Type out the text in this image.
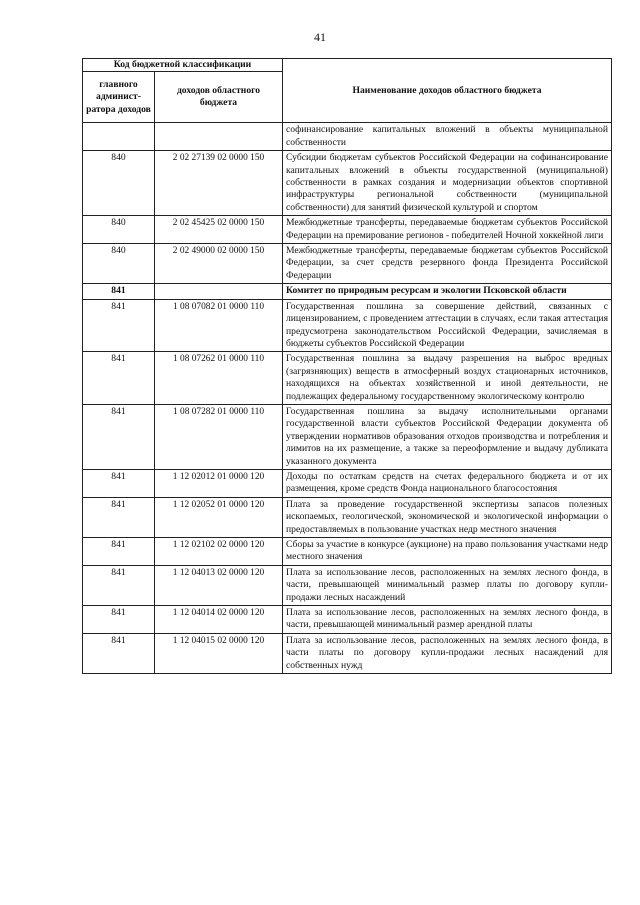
41
Код бюджетной классификации		Наименование доходов областного бюджета
главного админист-ратора доходов	доходов областного бюджета	
		софинансирование капитальных вложений в объекты муниципальной собственности
840	2 02 27139 02 0000 150	Субсидии бюджетам субъектов Российской Федерации на софинансирование капитальных вложений в объекты государственной (муниципальной) собственности в рамках создания и модернизации объектов спортивной инфраструктуры региональной собственности (муниципальной собственности) для занятий физической культурой и спортом
840	2 02 45425 02 0000 150	Межбюджетные трансферты, передаваемые бюджетам субъектов Российской Федерации на премирование регионов - победителей Ночной хоккейной лиги
840	2 02 49000 02 0000 150	Межбюджетные трансферты, передаваемые бюджетам субъектов Российской Федерации, за счет средств резервного фонда Президента Российской Федерации
841		Комитет по природным ресурсам и экологии Псковской области
841	1 08 07082 01 0000 110	Государственная пошлина за совершение действий, связанных с лицензированием, с проведением аттестации в случаях, если такая аттестация предусмотрена законодательством Российской Федерации, зачисляемая в бюджеты субъектов Российской Федерации
841	1 08 07262 01 0000 110	Государственная пошлина за выдачу разрешения на выброс вредных (загрязняющих) веществ в атмосферный воздух стационарных источников, находящихся на объектах хозяйственной и иной деятельности, не подлежащих федеральному государственному экологическому контролю
841	1 08 07282 01 0000 110	Государственная пошлина за выдачу исполнительными органами государственной власти субъектов Российской Федерации документа об утверждении нормативов образования отходов производства и потребления и лимитов на их размещение, а также за переоформление и выдачу дубликата указанного документа
841	1 12 02012 01 0000 120	Доходы по остаткам средств на счетах федерального бюджета и от их размещения, кроме средств Фонда национального благосостояния
841	1 12 02052 01 0000 120	Плата за проведение государственной экспертизы запасов полезных ископаемых, геологической, экономической и экологической информации о предоставляемых в пользование участках недр местного значения
841	1 12 02102 02 0000 120	Сборы за участие в конкурсе (аукционе) на право пользования участками недр местного значения
841	1 12 04013 02 0000 120	Плата за использование лесов, расположенных на землях лесного фонда, в части, превышающей минимальный размер платы по договору купли-продажи лесных насаждений
841	1 12 04014 02 0000 120	Плата за использование лесов, расположенных на землях лесного фонда, в части, превышающей минимальный размер арендной платы
841	1 12 04015 02 0000 120	Плата за использование лесов, расположенных на землях лесного фонда, в части платы по договору купли-продажи лесных насаждений для собственных нужд
